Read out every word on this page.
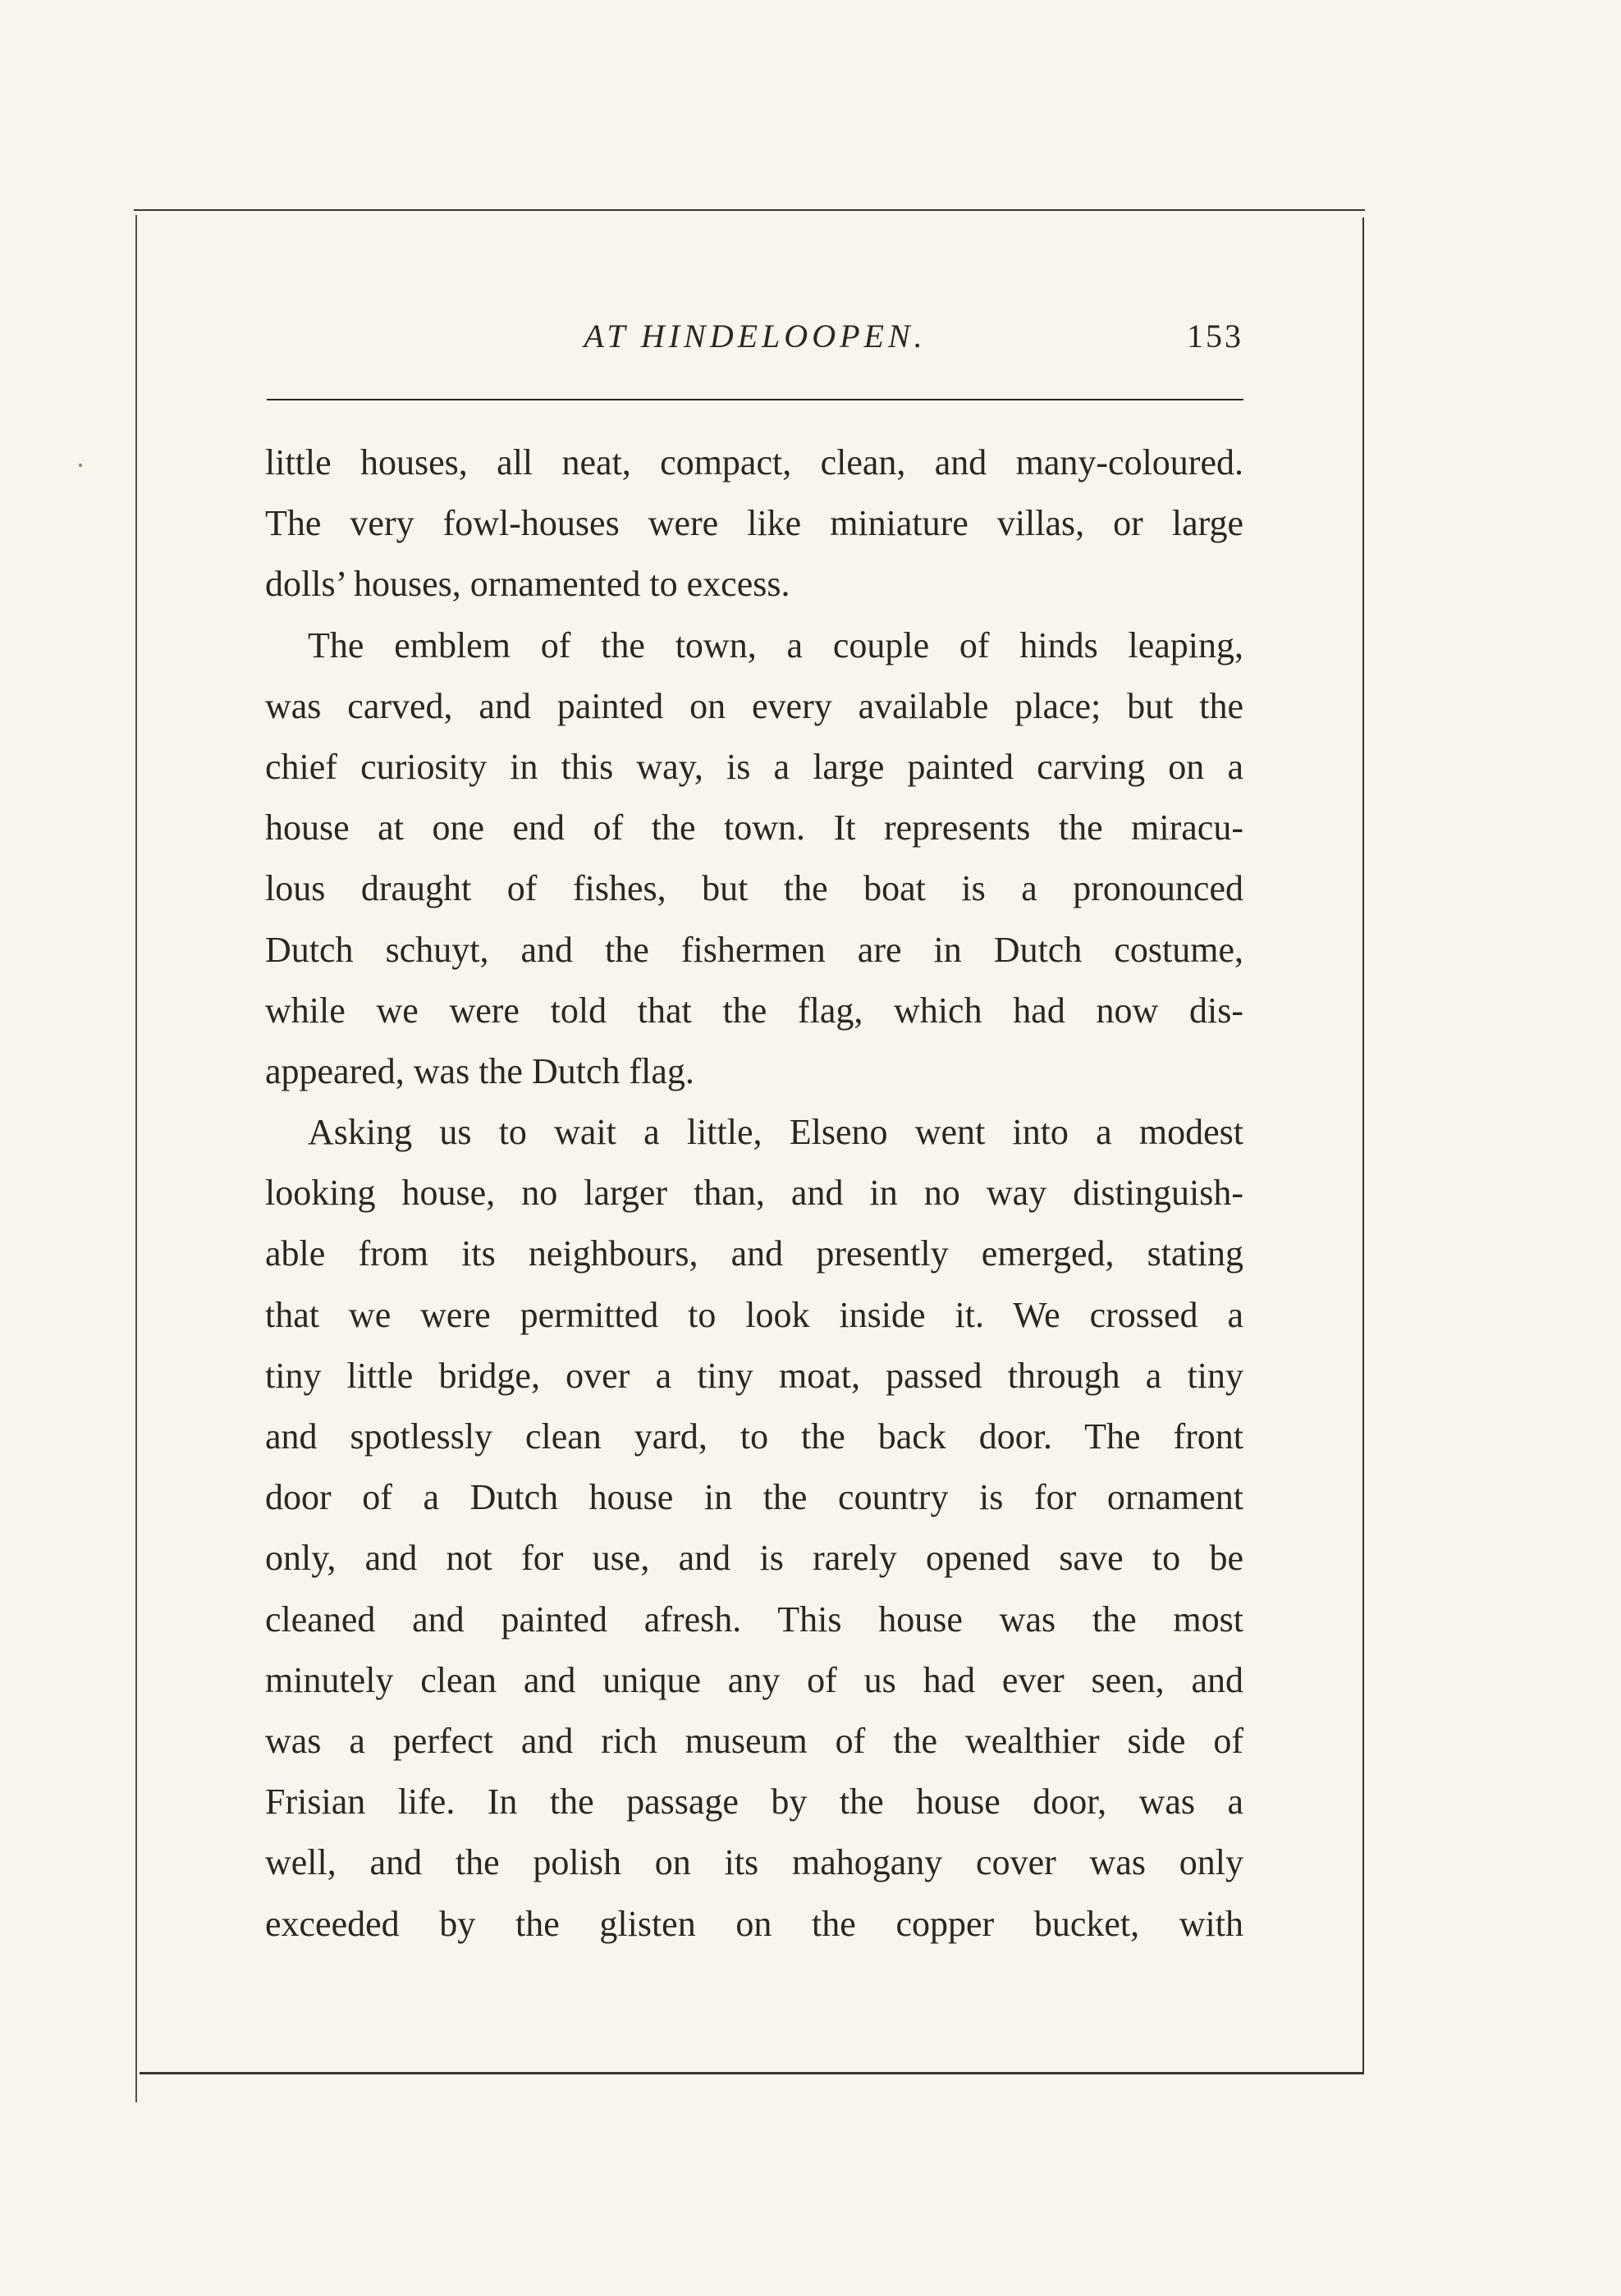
AT HINDELOOPEN.	153
little houses, all neat, compact, clean, and many-coloured.
The very fowl-houses were like miniature villas, or large
dolls’ houses, ornamented to excess.
The emblem of the town, a couple of hinds leaping,
was carved, and painted on every available place; but the
chief curiosity in this way, is a large painted carving on a
house at one end of the town. It represents the miracu-
lous draught of fishes, but the boat is a pronounced
Dutch schuyt, and the fishermen are in Dutch costume,
while we were told that the flag, which had now dis-
appeared, was the Dutch flag.
Asking us to wait a little, Elseno went into a modest
looking house, no larger than, and in no way distinguish-
able from its neighbours, and presently emerged, stating
that we were permitted to look inside it. We crossed a
tiny little bridge, over a tiny moat, passed through a tiny
and spotlessly clean yard, to the back door. The front
door of a Dutch house in the country is for ornament
only, and not for use, and is rarely opened save to be
cleaned and painted afresh. This house was the most
minutely clean and unique any of us had ever seen, and
was a perfect and rich museum of the wealthier side of
Frisian life. In the passage by the house door, was a
well, and the polish on its mahogany cover was only
exceeded by the glisten on the copper bucket, with
